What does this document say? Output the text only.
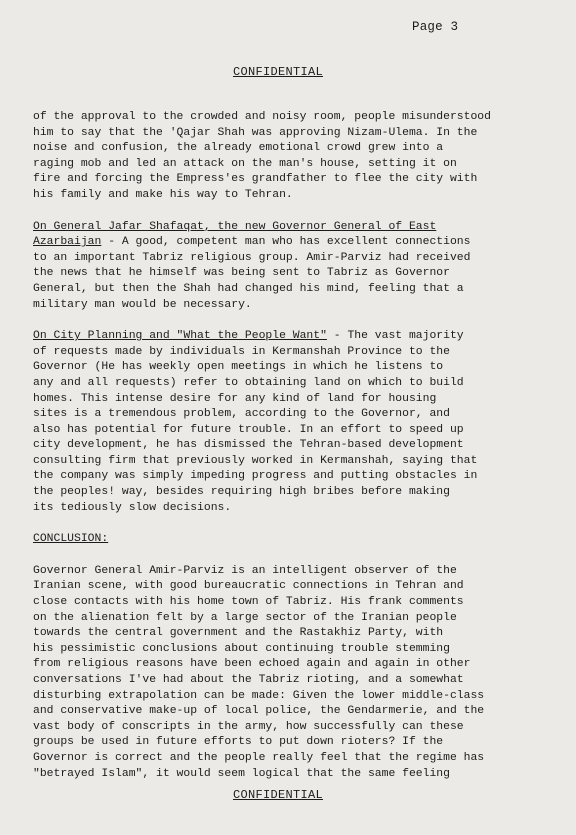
Page 3
CONFIDENTIAL
of the approval to the crowded and noisy room, people misunderstood
him to say that the 'Qajar Shah was approving Nizam-Ulema. In the
noise and confusion, the already emotional crowd grew into a
raging mob and led an attack on the man's house, setting it on
fire and forcing the Empress'es grandfather to flee the city with
his family and make his way to Tehran.
On General Jafar Shafaqat, the new Governor General of East
Azarbaijan - A good, competent man who has excellent connections
to an important Tabriz religious group. Amir-Parviz had received
the news that he himself was being sent to Tabriz as Governor
General, but then the Shah had changed his mind, feeling that a
military man would be necessary.
On City Planning and "What the People Want" - The vast majority
of requests made by individuals in Kermanshah Province to the
Governor (He has weekly open meetings in which he listens to
any and all requests) refer to obtaining land on which to build
homes. This intense desire for any kind of land for housing
sites is a tremendous problem, according to the Governor, and
also has potential for future trouble. In an effort to speed up
city development, he has dismissed the Tehran-based development
consulting firm that previously worked in Kermanshah, saying that
the company was simply impeding progress and putting obstacles in
the peoples! way, besides requiring high bribes before making
its tediously slow decisions.
CONCLUSION:
Governor General Amir-Parviz is an intelligent observer of the
Iranian scene, with good bureaucratic connections in Tehran and
close contacts with his home town of Tabriz. His frank comments
on the alienation felt by a large sector of the Iranian people
towards the central government and the Rastakhiz Party, with
his pessimistic conclusions about continuing trouble stemming
from religious reasons have been echoed again and again in other
conversations I've had about the Tabriz rioting, and a somewhat
disturbing extrapolation can be made: Given the lower middle-class
and conservative make-up of local police, the Gendarmerie, and the
vast body of conscripts in the army, how successfully can these
groups be used in future efforts to put down rioters? If the
Governor is correct and the people really feel that the regime has
"betrayed Islam", it would seem logical that the same feeling
CONFIDENTIAL
